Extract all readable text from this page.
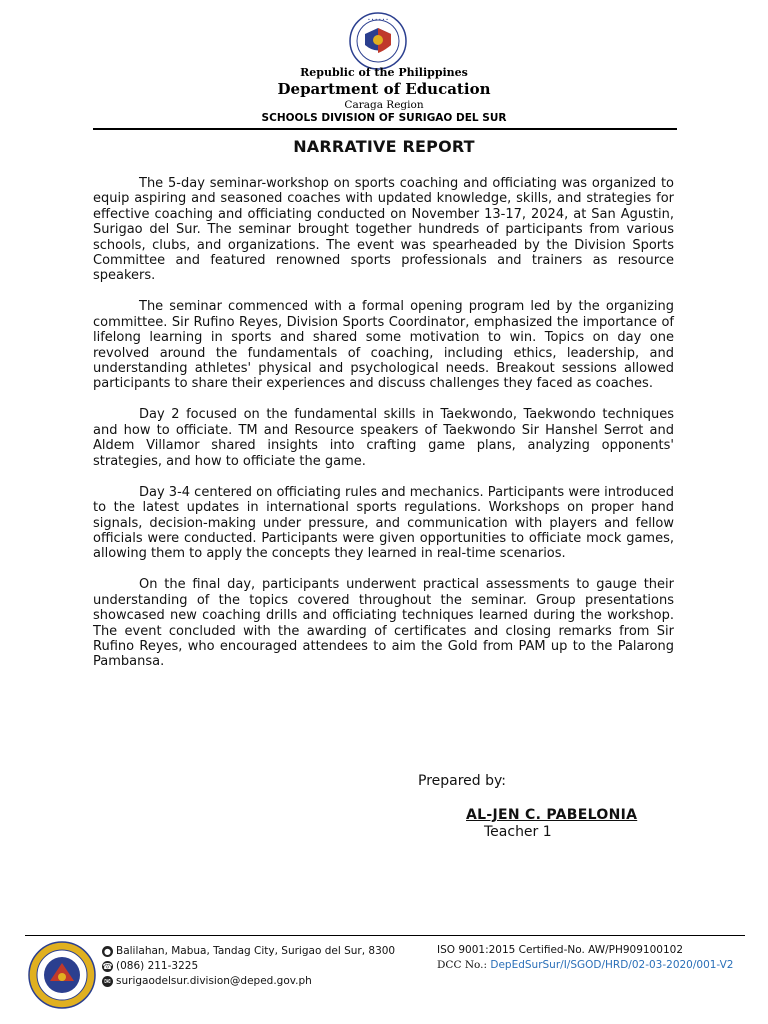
• • • • • •
Republic of the Philippines
Department of Education
Caraga Region
SCHOOLS DIVISION OF SURIGAO DEL SUR
NARRATIVE REPORT

The 5-day seminar-workshop on sports coaching and officiating was organized to equip aspiring and seasoned coaches with updated knowledge, skills, and strategies for effective coaching and officiating conducted on November 13-17, 2024, at San Agustin, Surigao del Sur. The seminar brought together hundreds of participants from various schools, clubs, and organizations. The event was spearheaded by the Division Sports Committee and featured renowned sports professionals and trainers as resource speakers.

The seminar commenced with a formal opening program led by the organizing committee. Sir Rufino Reyes, Division Sports Coordinator, emphasized the importance of lifelong learning in sports and shared some motivation to win. Topics on day one revolved around the fundamentals of coaching, including ethics, leadership, and understanding athletes' physical and psychological needs. Breakout sessions allowed participants to share their experiences and discuss challenges they faced as coaches.

Day 2 focused on the fundamental skills in Taekwondo, Taekwondo techniques and how to officiate. TM and Resource speakers of Taekwondo Sir Hanshel Serrot and Aldem Villamor shared insights into crafting game plans, analyzing opponents' strategies, and how to officiate the game.

Day 3-4 centered on officiating rules and mechanics. Participants were introduced to the latest updates in international sports regulations. Workshops on proper hand signals, decision-making under pressure, and communication with players and fellow officials were conducted. Participants were given opportunities to officiate mock games, allowing them to apply the concepts they learned in real-time scenarios.

On the final day, participants underwent practical assessments to gauge their understanding of the topics covered throughout the seminar. Group presentations showcased new coaching drills and officiating techniques learned during the workshop. The event concluded with the awarding of certificates and closing remarks from Sir Rufino Reyes, who encouraged attendees to aim the Gold from PAM up to the Palarong Pambansa.

Prepared by:
AL-JEN C. PABELONIA
Teacher 1
● Balilahan, Mabua, Tandag City, Surigao del Sur, 8300
☎ (086) 211-3225
✉ surigaodelsur.division@deped.gov.ph
ISO 9001:2015 Certified-No. AW/PH909100102
DCC No.: DepEdSurSur/I/SGOD/HRD/02-03-2020/001-V2
